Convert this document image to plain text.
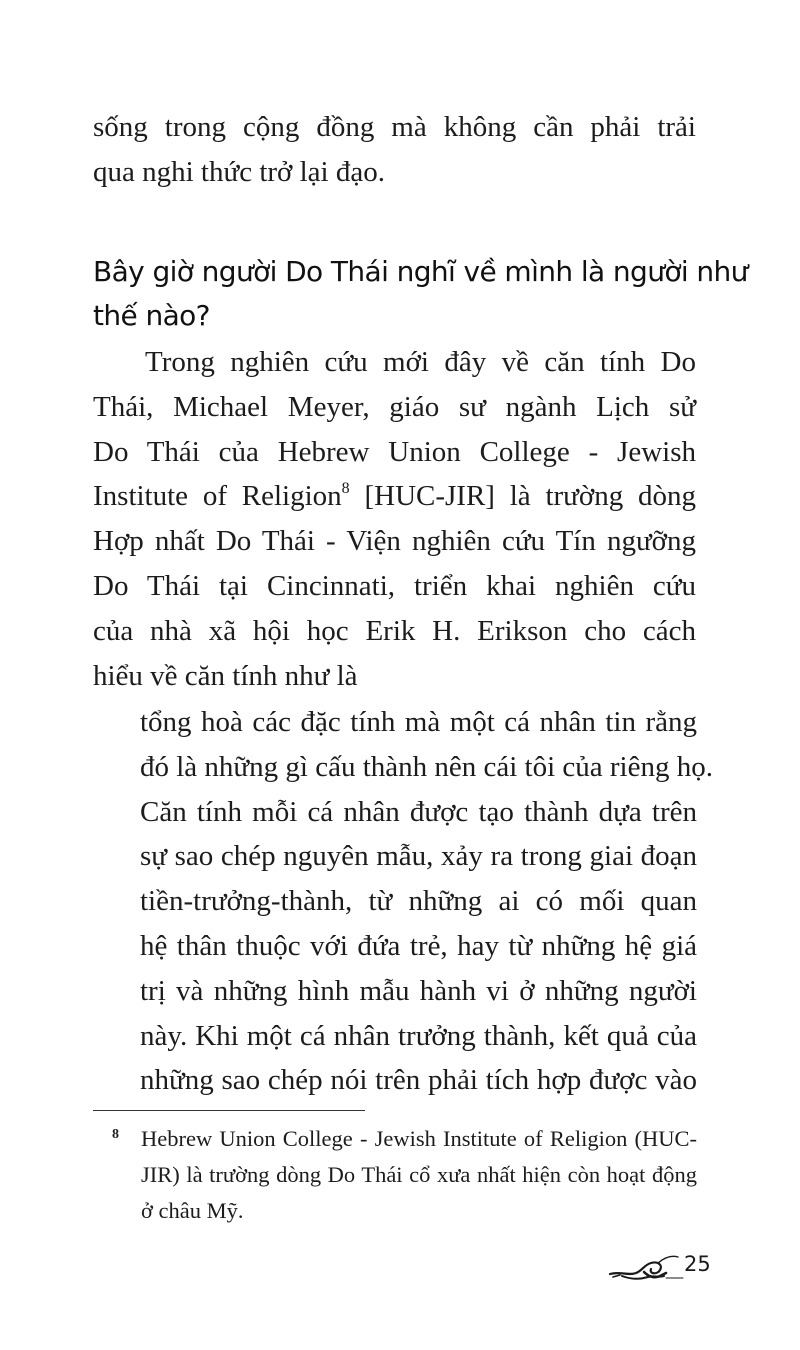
sống trong cộng đồng mà không cần phải trải
qua nghi thức trở lại đạo.
Bây giờ người Do Thái nghĩ về mình là người như
thế nào?
Trong nghiên cứu mới đây về căn tính Do
Thái, Michael Meyer, giáo sư ngành Lịch sử
Do Thái của Hebrew Union College - Jewish
Institute of Religion$^8$ [HUC-JIR] là trường dòng
Hợp nhất Do Thái - Viện nghiên cứu Tín ngưỡng
Do Thái tại Cincinnati, triển khai nghiên cứu
của nhà xã hội học Erik H. Erikson cho cách
hiểu về căn tính như là
tổng hoà các đặc tính mà một cá nhân tin rằng
đó là những gì cấu thành nên cái tôi của riêng họ.
Căn tính mỗi cá nhân được tạo thành dựa trên
sự sao chép nguyên mẫu, xảy ra trong giai đoạn
tiền-trưởng-thành, từ những ai có mối quan
hệ thân thuộc với đứa trẻ, hay từ những hệ giá
trị và những hình mẫu hành vi ở những người
này. Khi một cá nhân trưởng thành, kết quả của
những sao chép nói trên phải tích hợp được vào
8 Hebrew Union College - Jewish Institute of Religion (HUC-
JIR) là trường dòng Do Thái cổ xưa nhất hiện còn hoạt động
ở châu Mỹ.
25
